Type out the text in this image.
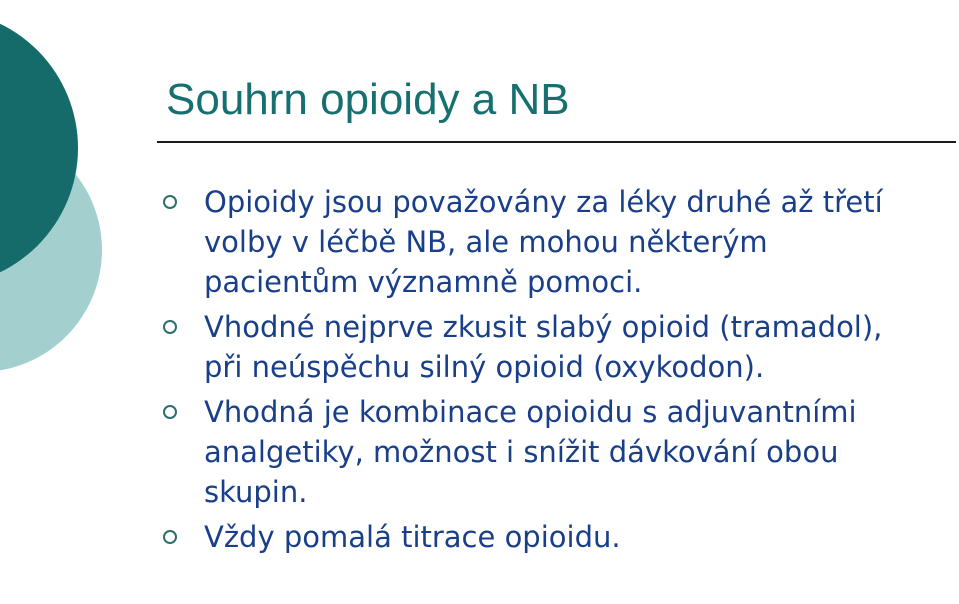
Souhrn opioidy a NB
Opioidy jsou považovány za léky druhé až třetí volby v léčbě NB, ale mohou některým pacientům významně pomoci.
Vhodné nejprve zkusit slabý opioid (tramadol), při neúspěchu silný opioid (oxykodon).
Vhodná je kombinace opioidu s adjuvantními analgetiky, možnost i snížit dávkování obou skupin.
Vždy pomalá titrace opioidu.
